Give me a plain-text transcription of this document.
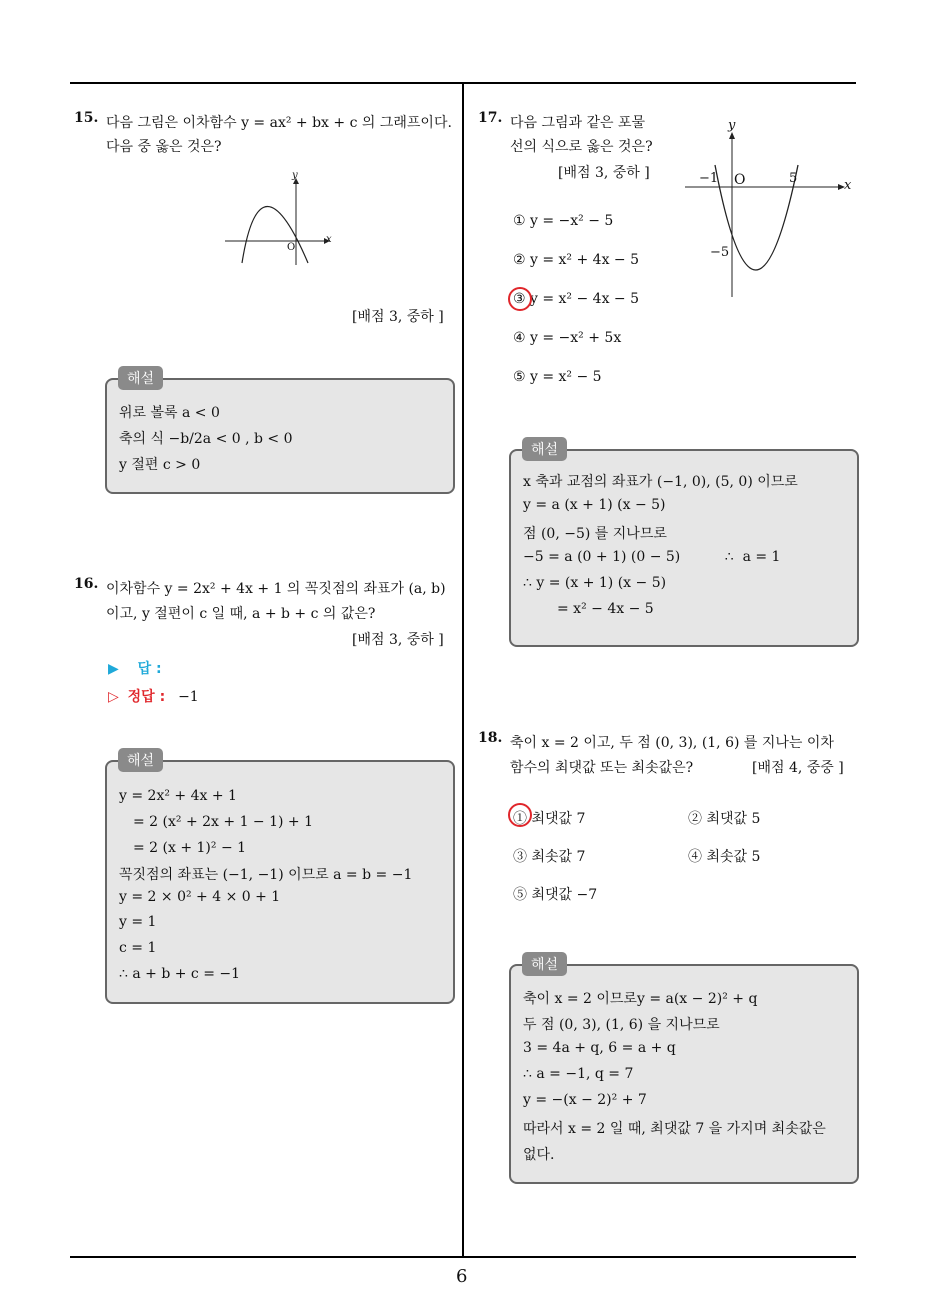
15. 다음 그림은 이차함수 y = ax² + bx + c 의 그래프이다.
다음 중 옳은 것은?
y
x
O
[배점 3, 중하 ]
위로 볼록 a < 0
축의 식 −b/2a < 0 , b < 0
y 절편 c > 0
해설
16. 이차함수 y = 2x² + 4x + 1 의 꼭짓점의 좌표가 (a, b)
이고, y 절편이 c 일 때, a + b + c 의 값은?
[배점 3, 중하 ]
▶ 답 :
▷ 정답 : −1
y = 2x² + 4x + 1
= 2 (x² + 2x + 1 − 1) + 1
= 2 (x + 1)² − 1
꼭짓점의 좌표는 (−1, −1) 이므로 a = b = −1
y = 2 × 0² + 4 × 0 + 1
y = 1
c = 1
∴ a + b + c = −1
해설
17. 다음 그림과 같은 포물
선의 식으로 옳은 것은?
[배점 3, 중하 ]
y
x
−1 O	5
−5
① y = −x² − 5
② y = x² + 4x − 5
③ y = x² − 4x − 5
④ y = −x² + 5x
⑤ y = x² − 5
x 축과 교점의 좌표가 (−1, 0), (5, 0) 이므로
y = a (x + 1) (x − 5)
점 (0, −5) 를 지나므로
−5 = a (0 + 1) (0 − 5)          ∴  a = 1
∴ y = (x + 1) (x − 5)
= x² − 4x − 5
해설
18. 축이 x = 2 이고, 두 점 (0, 3), (1, 6) 를 지나는 이차
함수의 최댓값 또는 최솟값은?	[배점 4, 중중 ]
① 최댓값 7	② 최댓값 5
③ 최솟값 7	④ 최솟값 5
⑤ 최댓값 −7
축이 x = 2 이므로y = a(x − 2)² + q
두 점 (0, 3), (1, 6) 을 지나므로
3 = 4a + q, 6 = a + q
∴ a = −1, q = 7
y = −(x − 2)² + 7
따라서 x = 2 일 때, 최댓값 7 을 가지며 최솟값은
없다.
해설
6
